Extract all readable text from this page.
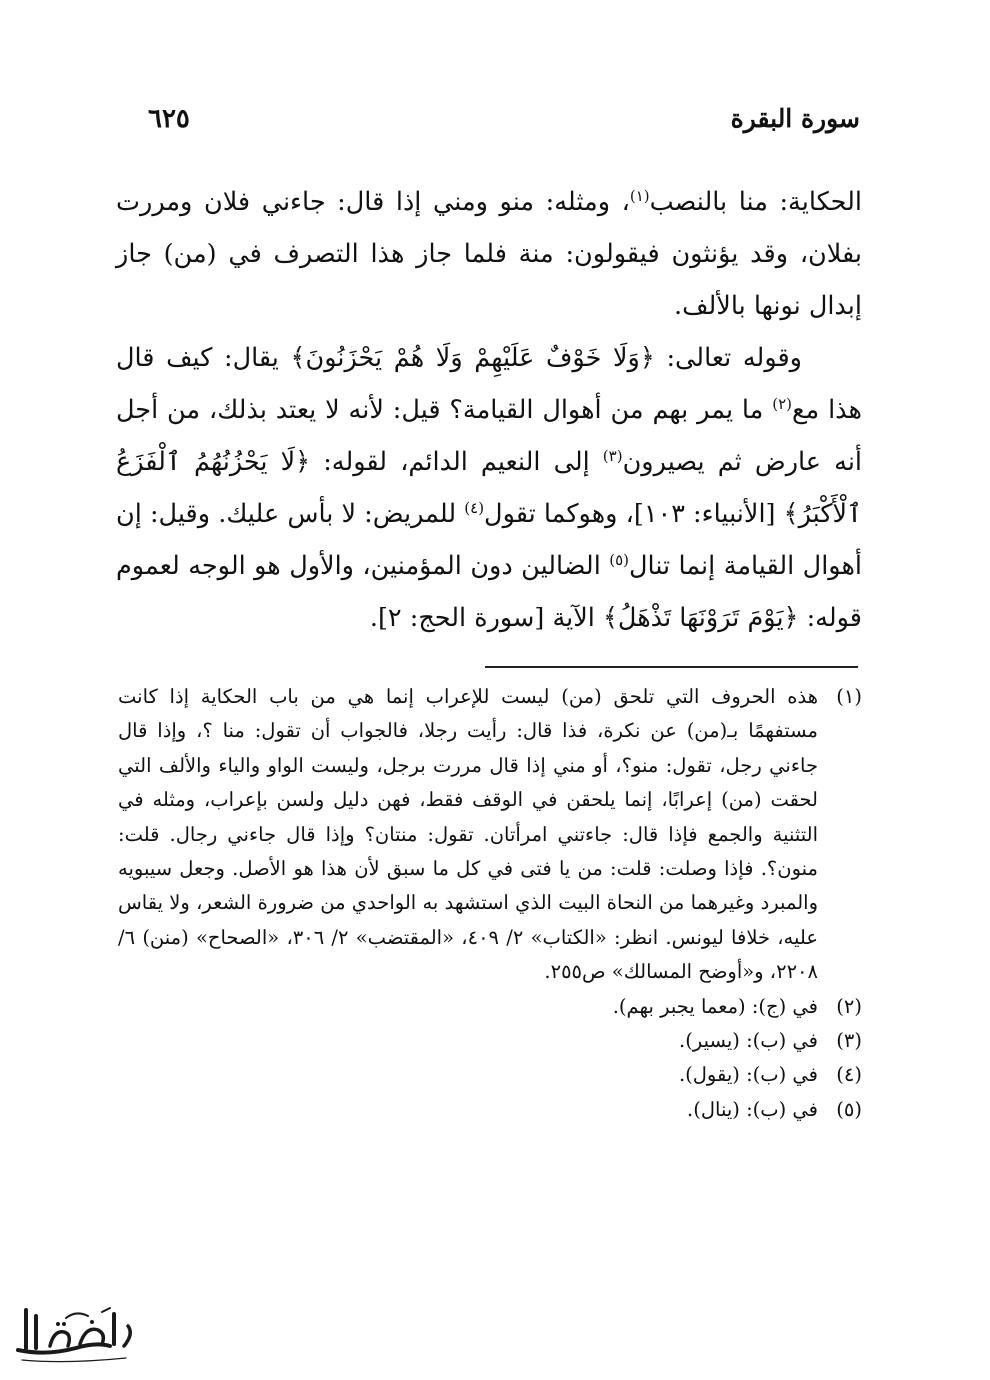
سورة البقرة
٦٢٥

الحكاية: منا بالنصب$^{(١)}$، ومثله: منو ومني إذا قال: جاءني فلان ومررت بفلان، وقد يؤنثون فيقولون: منة فلما جاز هذا التصرف في (من) جاز إبدال نونها بالألف.

وقوله تعالى: ﴿وَلَا خَوْفٌ عَلَيْهِمْ وَلَا هُمْ يَحْزَنُونَ﴾ يقال: كيف قال هذا مع$^{(٢)}$ ما يمر بهم من أهوال القيامة؟ قيل: لأنه لا يعتد بذلك، من أجل أنه عارض ثم يصيرون$^{(٣)}$ إلى النعيم الدائم، لقوله: ﴿لَا يَحْزُنُهُمُ ٱلْفَزَعُ ٱلْأَكْبَرُ﴾ [الأنبياء: ١٠٣]، وهوكما تقول$^{(٤)}$ للمريض: لا بأس عليك. وقيل: إن أهوال القيامة إنما تنال$^{(٥)}$ الضالين دون المؤمنين، والأول هو الوجه لعموم قوله: ﴿يَوْمَ تَرَوْنَهَا تَذْهَلُ﴾ الآية [سورة الحج: ٢].

(١)
هذه الحروف التي تلحق (من) ليست للإعراب إنما هي من باب الحكاية إذا كانت مستفهمًا بـ(من) عن نكرة، فذا قال: رأيت رجلا، فالجواب أن تقول: منا ؟، وإذا قال جاءني رجل، تقول: منو؟، أو مني إذا قال مررت برجل، وليست الواو والياء والألف التي لحقت (من) إعرابًا، إنما يلحقن في الوقف فقط، فهن دليل ولسن بإعراب، ومثله في التثنية والجمع فإذا قال: جاءتني امرأتان. تقول: منتان؟ وإذا قال جاءني رجال. قلت: منون؟. فإذا وصلت: قلت: من يا فتى في كل ما سبق لأن هذا هو الأصل. وجعل سيبويه والمبرد وغيرهما من النحاة البيت الذي استشهد به الواحدي من ضرورة الشعر، ولا يقاس عليه، خلافا ليونس. انظر: «الكتاب» ٢/ ٤٠٩، «المقتضب» ٢/ ٣٠٦، «الصحاح» (منن) ٦/ ٢٢٠٨، و«أوضح المسالك» ص٢٥٥.
(٢)
في (ج): (معما يجبر بهم).
(٣)
في (ب): (يسير).
(٤)
في (ب): (يقول).
(٥)
في (ب): (ينال).
